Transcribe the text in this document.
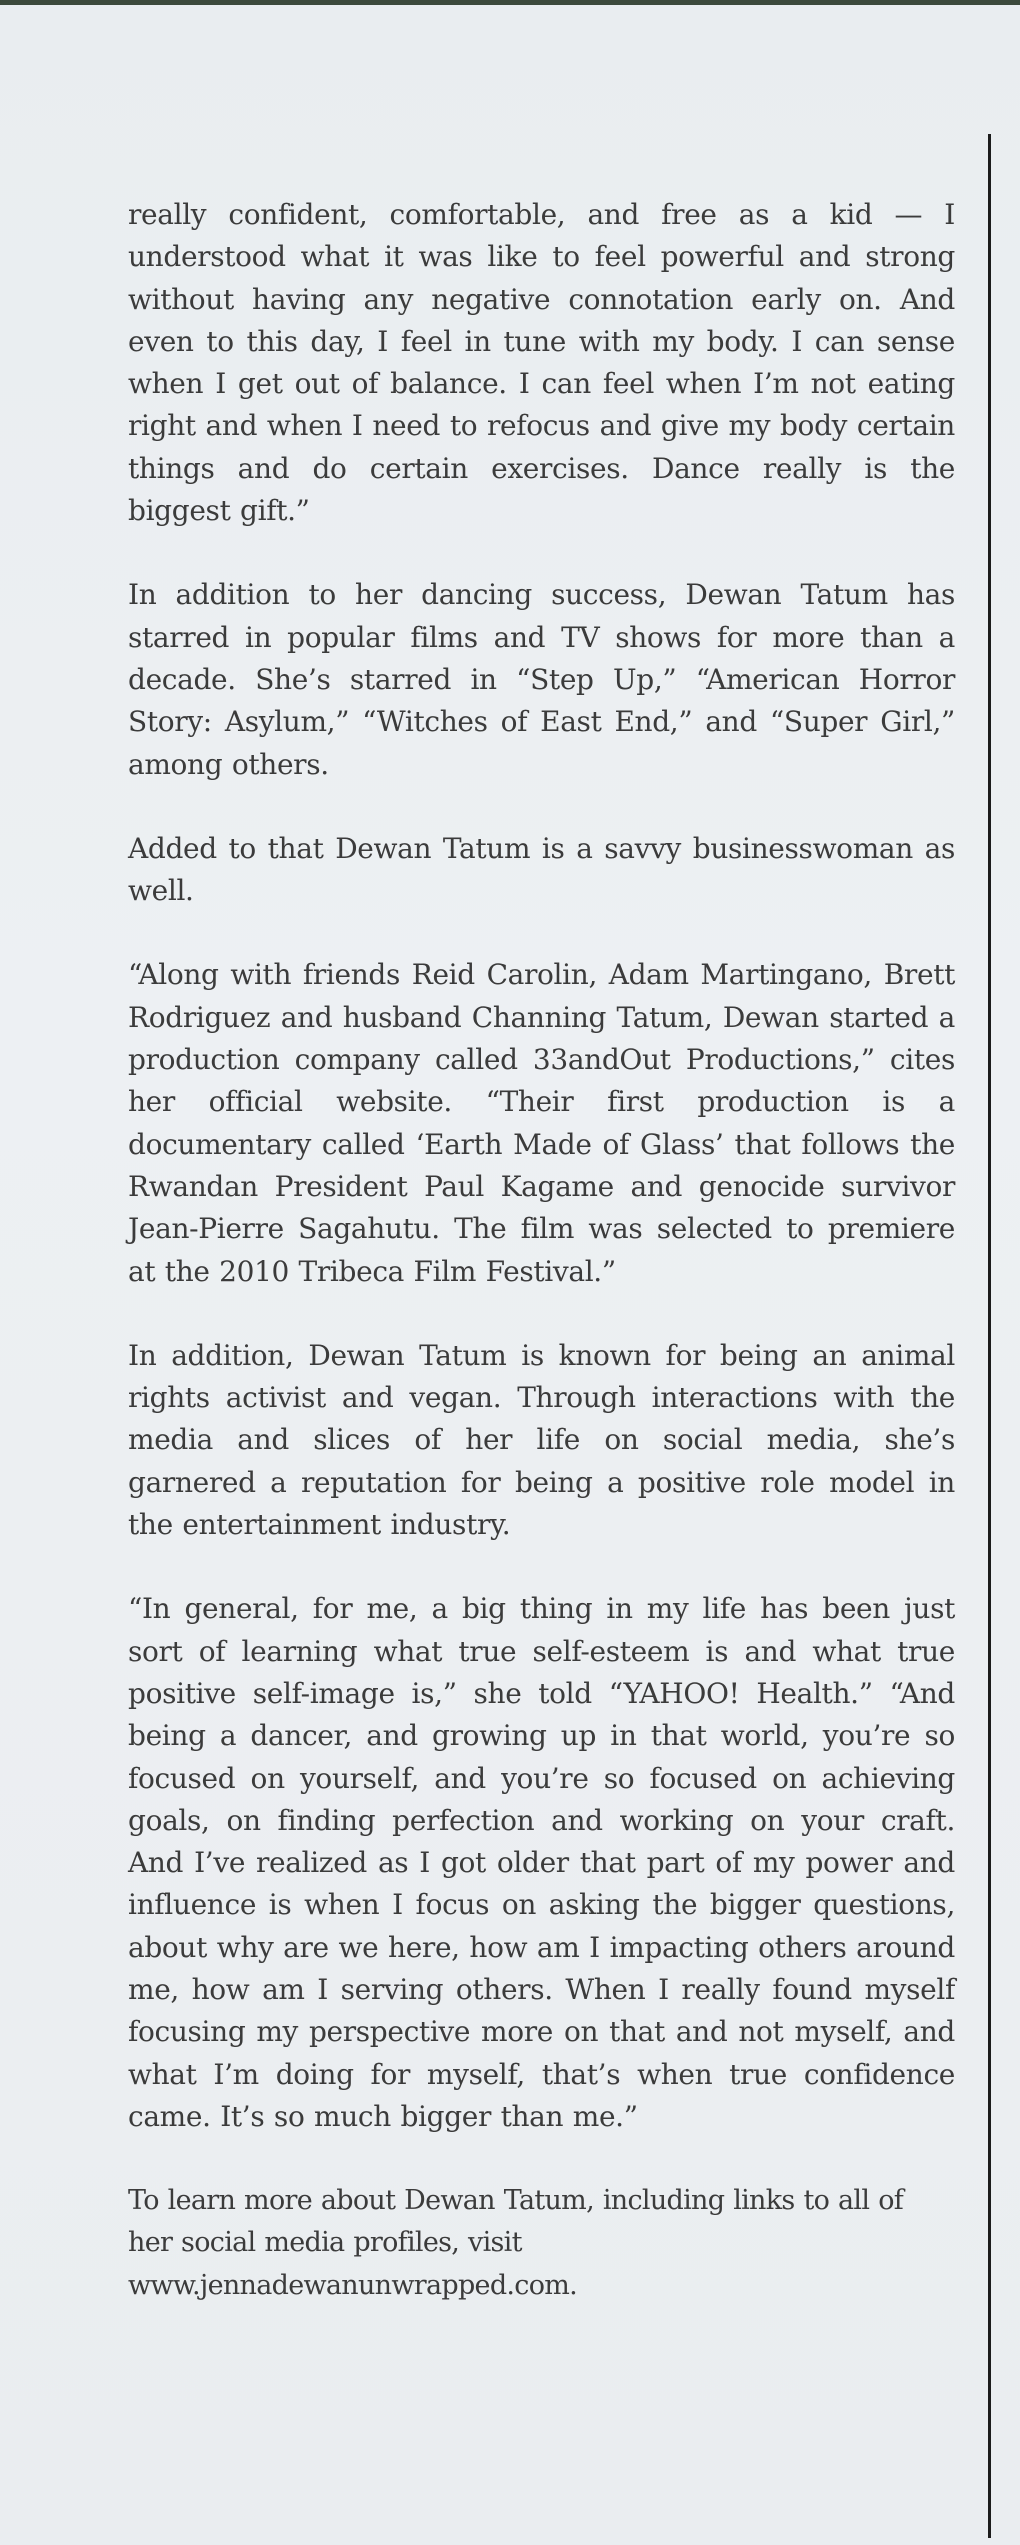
really confident, comfortable, and free as a kid — I understood what it was like to feel powerful and strong without having any negative connotation early on. And even to this day, I feel in tune with my body. I can sense when I get out of balance. I can feel when I’m not eating right and when I need to refocus and give my body certain things and do certain exercises. Dance really is the biggest gift.”

In addition to her dancing success, Dewan Tatum has starred in popular films and TV shows for more than a decade. She’s starred in “Step Up,” “American Horror Story: Asylum,” “Witches of East End,” and “Super Girl,” among others.

Added to that Dewan Tatum is a savvy businesswoman as well.

“Along with friends Reid Carolin, Adam Martingano, Brett Rodriguez and husband Channing Tatum, Dewan started a production company called 33andOut Productions,” cites her official website. “Their first production is a documentary called ‘Earth Made of Glass’ that follows the Rwandan President Paul Kagame and genocide survivor Jean-Pierre Sagahutu. The film was selected to premiere at the 2010 Tribeca Film Festival.”

In addition, Dewan Tatum is known for being an animal rights activist and vegan. Through interactions with the media and slices of her life on social media, she’s garnered a reputation for being a positive role model in the entertainment industry.

“In general, for me, a big thing in my life has been just sort of learning what true self-esteem is and what true positive self-image is,” she told “YAHOO! Health.” “And being a dancer, and growing up in that world, you’re so focused on yourself, and you’re so focused on achieving goals, on finding perfection and working on your craft. And I’ve realized as I got older that part of my power and influence is when I focus on asking the bigger questions, about why are we here, how am I impacting others around me, how am I serving others. When I really found myself focusing my perspective more on that and not myself, and what I’m doing for myself, that’s when true confidence came. It’s so much bigger than me.”

To learn more about Dewan Tatum, including links to all of her social media profiles, visit www.jennadewanunwrapped.com.
